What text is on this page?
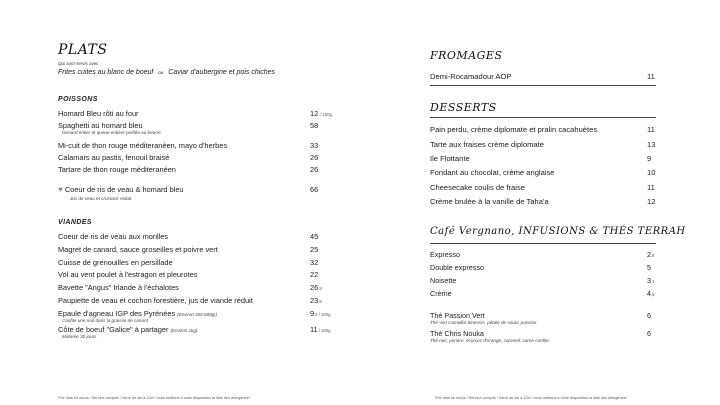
PLATS
Qui sont servis avec
Frites cuites au blanc de boeuf ou Caviar d'aubergine et pois chiches
POISSONS
Homard Bleu rôti au four	12 / 100g
Spaghetti au homard bleu	58
homard entier et queue entière poêlée au beurre
Mi-cuit de thon rouge méditeranéen, mayo d'herbes	33
Calamars au pastis, fenouil braisé	26
Tartare de thon rouge méditeranéen	26
♥ Coeur de ris de veau & homard bleu	66
Jus de veau et crustacé réduit
VIANDES
Coeur de ris de veau aux morilles	45
Magret de canard, sauce groseilles et poivre vert	25
Cuisse de grenouilles en persillade	32
Vol au vent poulet à l'estragon et pleurotes	22
Bavette "Angus" Irlande à l'échalotes	26,8
Paupiette de veau et cochon forestière, jus de viande réduit	23,8
Epaule d'agneau IGP des Pyrénées (Environ 450-600gr)	9,3 / 100g
Confite une nuit dans la graisse de canard
Côte de boeuf "Galice" à partager (Environ 1kg)	11 / 100g
Maturée 30 jours
Prix nets en euros / Service compris / Verre de vin à 12cl / nous mettons à votre disposition la liste des allergènes*
FROMAGES
Demi-Rocamadour AOP	11
DESSERTS
Pain perdu, crème diplomate et pralin cacahuètes	11
Tarte aux fraises crème diplomate	13
Ile Flottante	9
Fondant au chocolat, crème anglaise	10
Cheesecake coulis de fraise	11
Crème brulée à la vanille de Taha'a	12
Café Vergnano, INFUSIONS & THÉS TERRAH
Expresso	2,8
Double expresso	5
Noisette	3,1
Crème	4,5
Thé Passion Vert	6
Thé vert Camellia Sinensis, pétale de souci, passion
Thé Chris Nouka	6
Thé noir, poriare, écorces d'orange, caramel, carne confite
Prix nets en euros / Service compris / Verre de vin à 12cl / nous mettons à votre disposition la liste des allergènes*
